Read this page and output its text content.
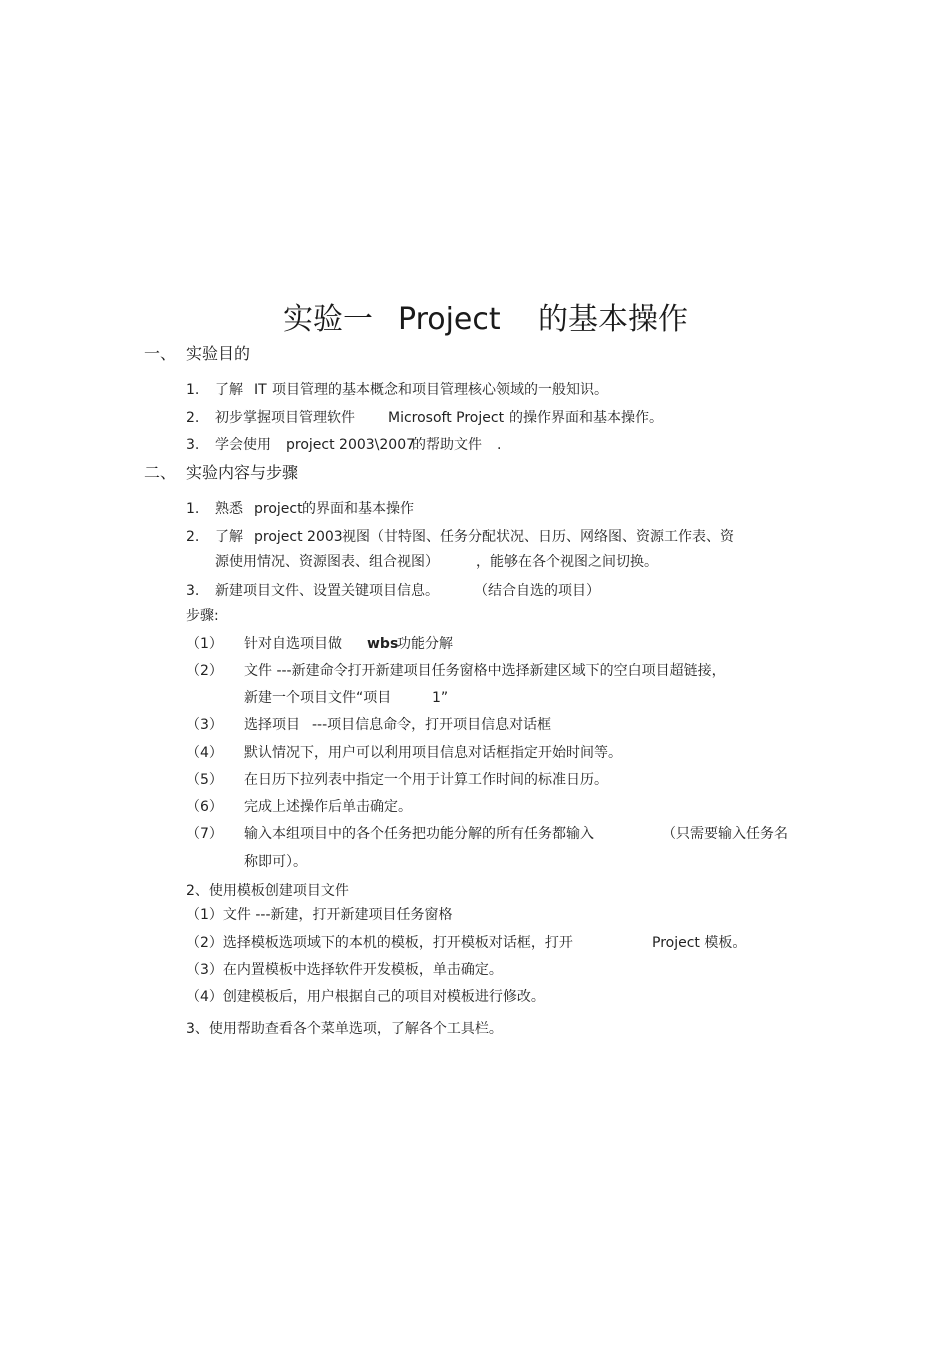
实验一 Project 的基本操作
一、 实验目的
1. 了解 IT 项目管理的基本概念和项目管理核心领域的一般知识。
2. 初步掌握项目管理软件 Microsoft Project 的操作界面和基本操作。
3. 学会使用 project 2003\2007
的帮助文件 .
二、 实验内容与步骤
1. 熟悉 project 的界面和基本操作
2. 了解 project 2003 视图（甘特图、任务分配状况、日历、网络图、资源工作表、资
源使用情况、资源图表、组合视图）	，能够在各个视图之间切换。
3. 新建项目文件、设置关键项目信息。	（结合自选的项目）
步骤:
（1） 针对自选项目做 wbs
功能分解
（2） 文件 ---新建命令打开新建项目任务窗格中选择新建区域下的空白项目超链接，
新建一个项目文件“项目	1”
（3） 选择项目 ---项目信息命令，打开项目信息对话框
（4） 默认情况下，用户可以利用项目信息对话框指定开始时间等。
（5） 在日历下拉列表中指定一个用于计算工作时间的标准日历。
（6） 完成上述操作后单击确定。
（7） 输入本组项目中的各个任务把功能分解的所有任务都输入	（只需要输入任务名
称即可）。
2、使用模板创建项目文件
（1）文件 ---新建，打开新建项目任务窗格
（2）选择模板选项域下的本机的模板，打开模板对话框，打开	Project 模板。
（3）在内置模板中选择软件开发模板，单击确定。
（4）创建模板后，用户根据自己的项目对模板进行修改。
3、使用帮助查看各个菜单选项，了解各个工具栏。
